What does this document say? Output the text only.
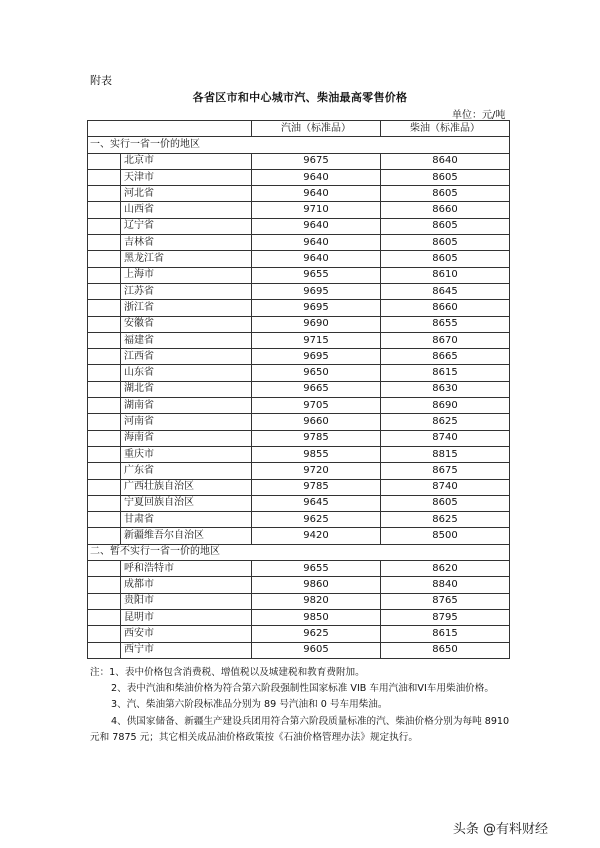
附表
各省区市和中心城市汽、柴油最高零售价格
单位：元/吨
		汽油（标准品）	柴油（标准品）
一、实行一省一价的地区			
	北京市	9675	8640
	天津市	9640	8605
	河北省	9640	8605
	山西省	9710	8660
	辽宁省	9640	8605
	吉林省	9640	8605
	黑龙江省	9640	8605
	上海市	9655	8610
	江苏省	9695	8645
	浙江省	9695	8660
	安徽省	9690	8655
	福建省	9715	8670
	江西省	9695	8665
	山东省	9650	8615
	湖北省	9665	8630
	湖南省	9705	8690
	河南省	9660	8625
	海南省	9785	8740
	重庆市	9855	8815
	广东省	9720	8675
	广西壮族自治区	9785	8740
	宁夏回族自治区	9645	8605
	甘肃省	9625	8625
	新疆维吾尔自治区	9420	8500
二、暂不实行一省一价的地区			
	呼和浩特市	9655	8620
	成都市	9860	8840
	贵阳市	9820	8765
	昆明市	9850	8795
	西安市	9625	8615
	西宁市	9605	8650

注：1、表中价格包含消费税、增值税以及城建税和教育费附加。

2、表中汽油和柴油价格为符合第六阶段强制性国家标准 VIB 车用汽油和VI车用柴油价格。

3、汽、柴油第六阶段标准品分别为 89 号汽油和 0 号车用柴油。

4、供国家储备、新疆生产建设兵团用符合第六阶段质量标准的汽、柴油价格分别为每吨 8910 元和 7875 元；其它相关成品油价格政策按《石油价格管理办法》规定执行。

头条 @有料财经
